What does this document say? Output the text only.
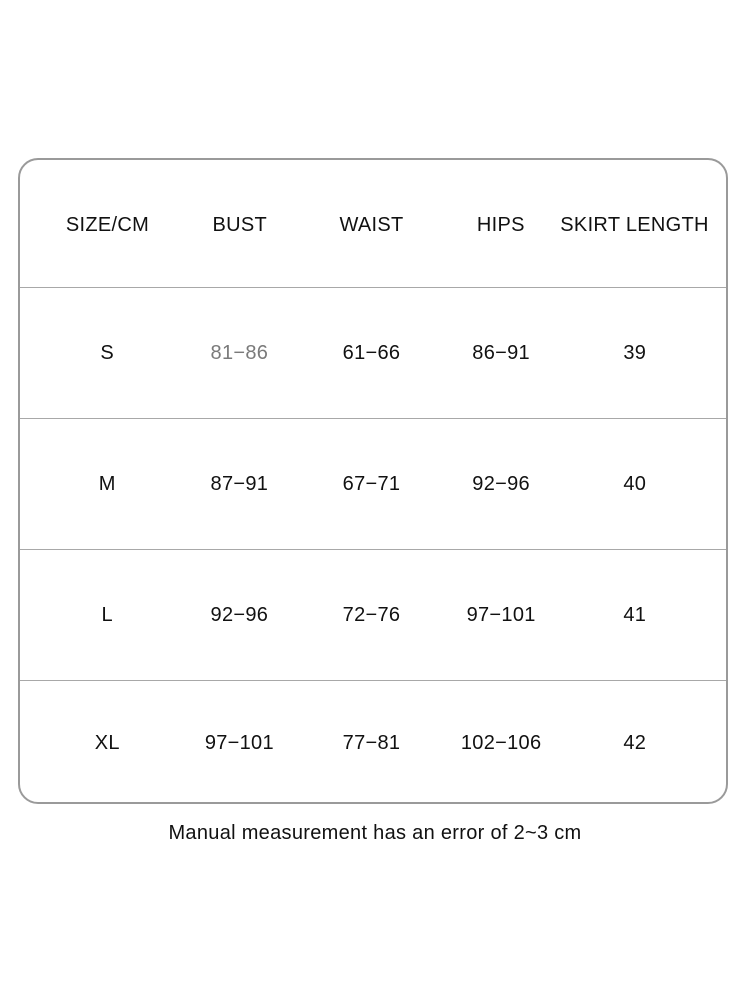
SIZE/CM	BUST	WAIST	HIPS	SKIRT LENGTH
S	81−86	61−66	86−91	39
M	87−91	67−71	92−96	40
L	92−96	72−76	97−101	41
XL	97−101	77−81	102−106	42
Manual measurement has an error of 2~3 cm
